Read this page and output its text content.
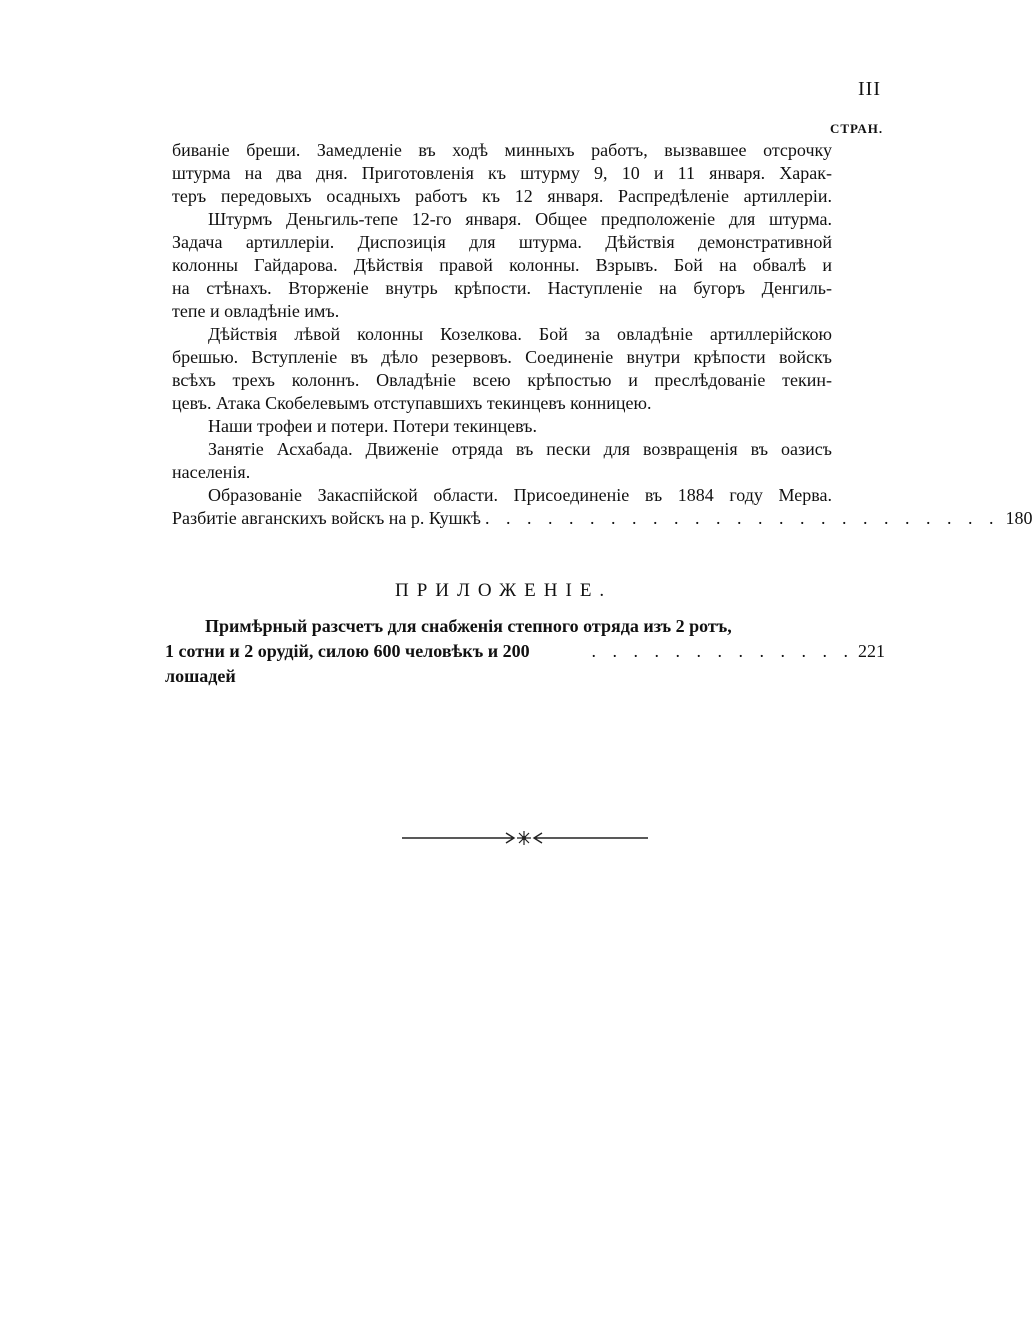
III
СТРАН.
биваніе бреши. Замедленіе въ ходѣ минныхъ работъ, вызвавшее отсрочку
штурма на два дня. Приготовленія къ штурму 9, 10 и 11 января. Харак-
теръ передовыхъ осадныхъ работъ къ 12 января. Распредѣленіе артиллеріи.
Штурмъ Деньгиль-тепе 12-го января. Общее предположеніе для штурма.
Задача артиллеріи. Диспозиція для штурма. Дѣйствія демонстративной
колонны Гайдарова. Дѣйствія правой колонны. Взрывъ. Бой на обвалѣ и
на стѣнахъ. Вторженіе внутрь крѣпости. Наступленіе на бугоръ Денгиль-
тепе и овладѣніе имъ.
Дѣйствія лѣвой колонны Козелкова. Бой за овладѣніе артиллерійскою
брешью. Вступленіе въ дѣло резервовъ. Соединеніе внутри крѣпости войскъ
всѣхъ трехъ колоннъ. Овладѣніе всею крѣпостью и преслѣдованіе текин-
цевъ. Атака Скобелевымъ отступавшихъ текинцевъ конницею.
Наши трофеи и потери. Потери текинцевъ.
Занятіе Асхабада. Движеніе отряда въ пески для возвращенія въ оазисъ
населенія.
Образованіе Закаспійской области. Присоединеніе въ 1884 году Мерва.
Разбитіе авганскихъ войскъ на р. Кушкѣ . . . . . . . . . . . . . . . . . . . . . . . . . 180
ПРИЛОЖЕНІЕ.
Примѣрный разсчетъ для снабженія степного отряда изъ 2 ротъ,
1 сотни и 2 орудій, силою 600 человѣкъ и 200 лошадей
. . . . . . . . . . . . . 221
